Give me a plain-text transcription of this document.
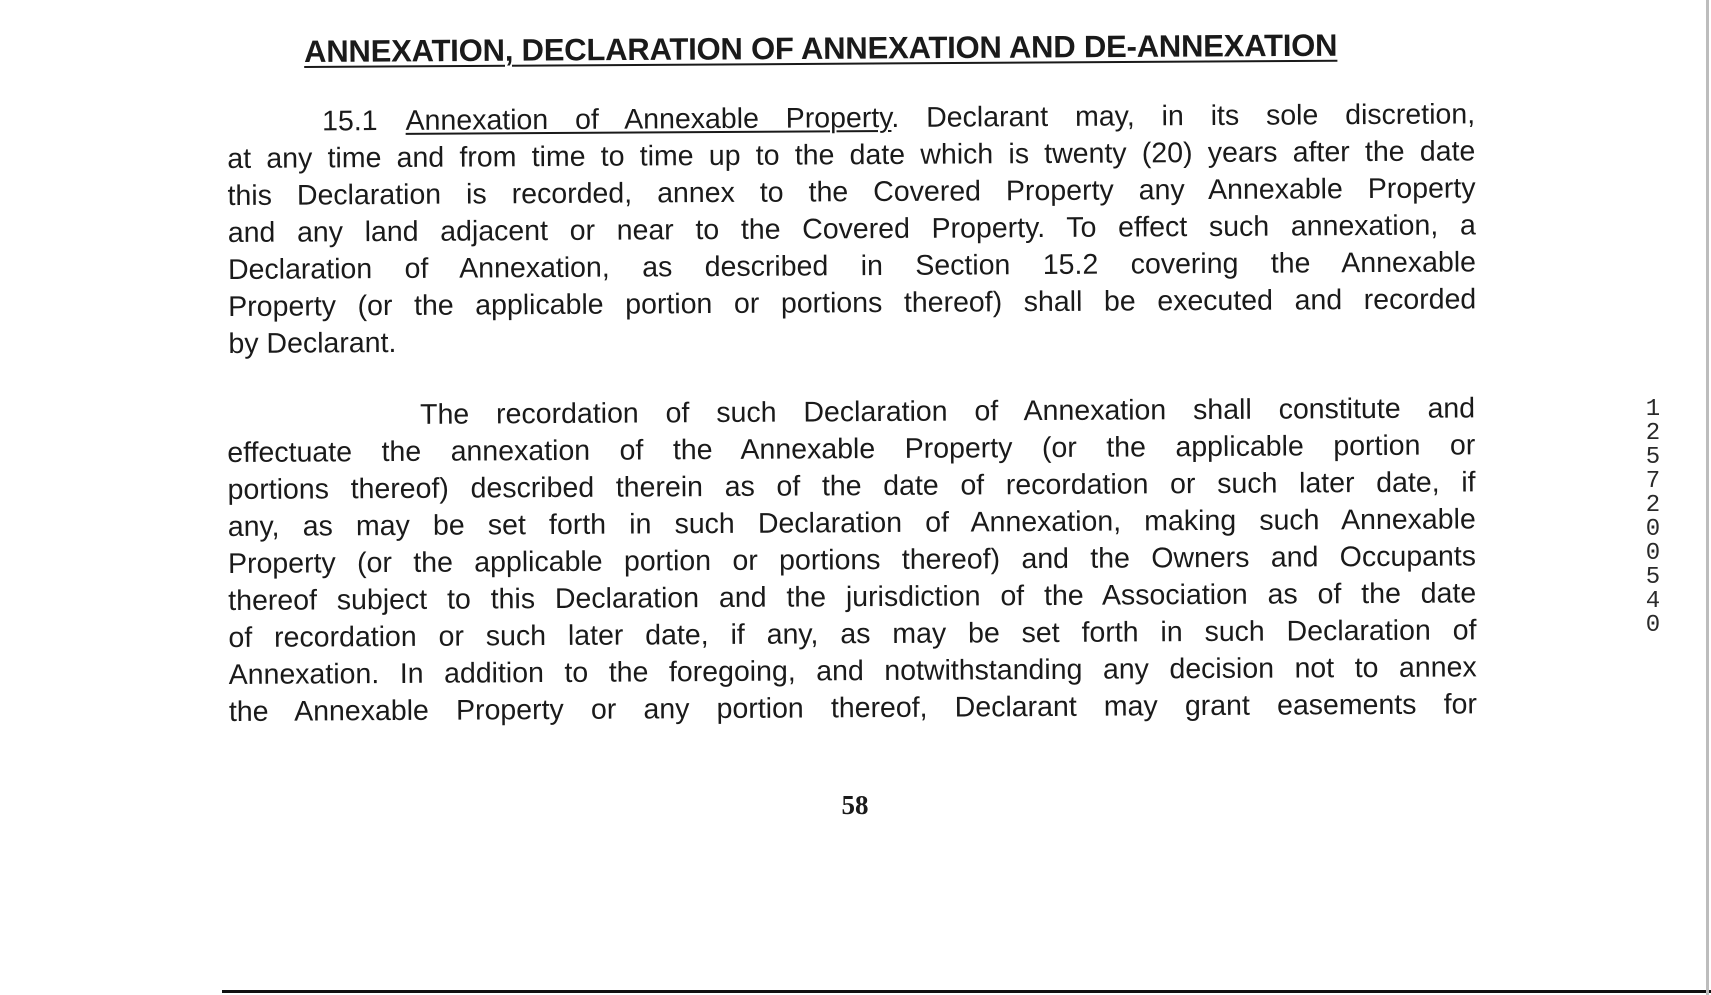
ANNEXATION, DECLARATION OF ANNEXATION AND DE-ANNEXATION
15.1 Annexation of Annexable Property. Declarant may, in its sole discretion,
at any time and from time to time up to the date which is twenty (20) years after the date
this Declaration is recorded, annex to the Covered Property any Annexable Property
and any land adjacent or near to the Covered Property. To effect such annexation, a
Declaration of Annexation, as described in Section 15.2 covering the Annexable
Property (or the applicable portion or portions thereof) shall be executed and recorded
by Declarant.
The recordation of such Declaration of Annexation shall constitute and
effectuate the annexation of the Annexable Property (or the applicable portion or
portions thereof) described therein as of the date of recordation or such later date, if
any, as may be set forth in such Declaration of Annexation, making such Annexable
Property (or the applicable portion or portions thereof) and the Owners and Occupants
thereof subject to this Declaration and the jurisdiction of the Association as of the date
of recordation or such later date, if any, as may be set forth in such Declaration of
Annexation. In addition to the foregoing, and notwithstanding any decision not to annex
the Annexable Property or any portion thereof, Declarant may grant easements for
58
12572 00540
